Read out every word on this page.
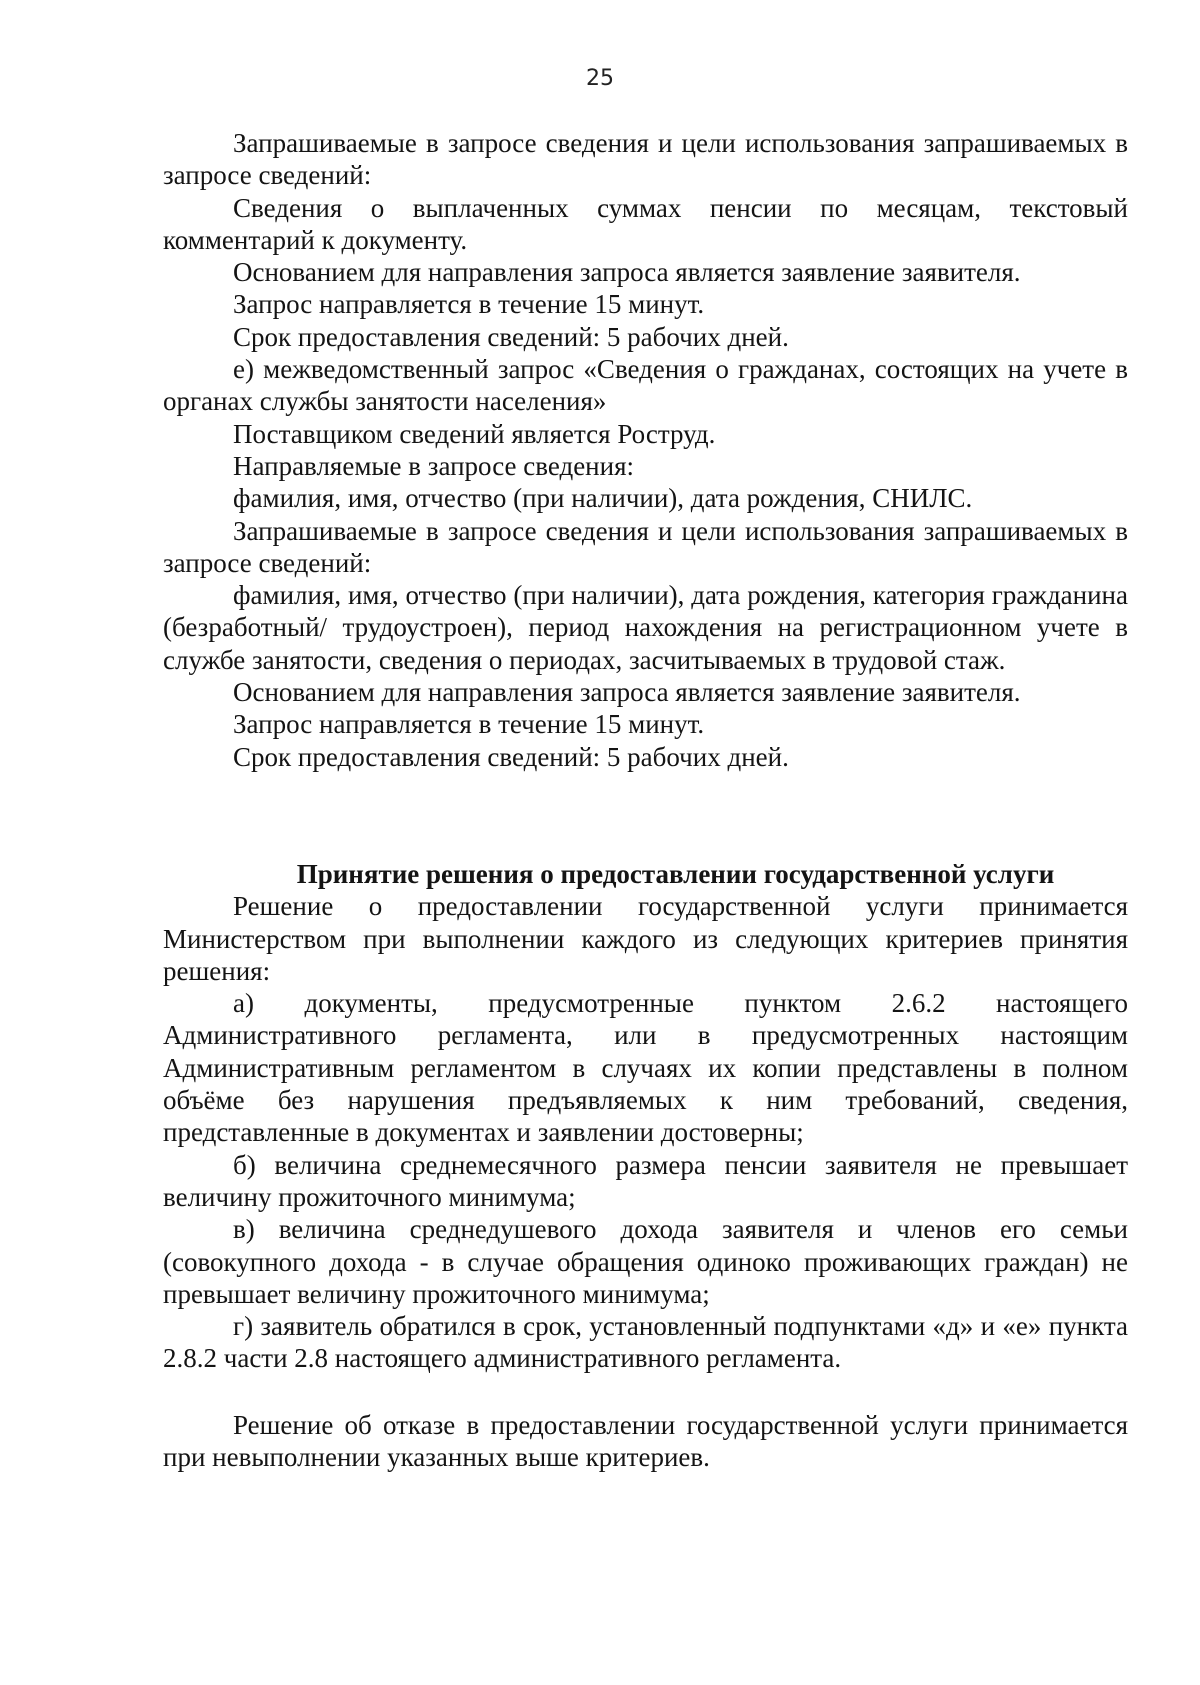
25

Запрашиваемые в запросе сведения и цели использования запрашиваемых в запросе сведений:

Сведения о выплаченных суммах пенсии по месяцам, текстовый комментарий к документу.

Основанием для направления запроса является заявление заявителя.

Запрос направляется в течение 15 минут.

Срок предоставления сведений: 5 рабочих дней.

е) межведомственный запрос «Сведения о гражданах, состоящих на учете в органах службы занятости населения»

Поставщиком сведений является Роструд.

Направляемые в запросе сведения:

фамилия, имя, отчество (при наличии), дата рождения, СНИЛС.

Запрашиваемые в запросе сведения и цели использования запрашиваемых в запросе сведений:

фамилия, имя, отчество (при наличии), дата рождения, категория гражданина (безработный/ трудоустроен), период нахождения на регистрационном учете в службе занятости, сведения о периодах, засчитываемых в трудовой стаж.

Основанием для направления запроса является заявление заявителя.

Запрос направляется в течение 15 минут.

Срок предоставления сведений: 5 рабочих дней.

Принятие решения о предоставлении государственной услуги

Решение о предоставлении государственной услуги принимается Министерством при выполнении каждого из следующих критериев принятия решения:

а) документы, предусмотренные пунктом 2.6.2 настоящего Административного регламента, или в предусмотренных настоящим Административным регламентом в случаях их копии представлены в полном объёме без нарушения предъявляемых к ним требований, сведения, представленные в документах и заявлении достоверны;

б) величина среднемесячного размера пенсии заявителя не превышает величину прожиточного минимума;

в) величина среднедушевого дохода заявителя и членов его семьи (совокупного дохода - в случае обращения одиноко проживающих граждан) не превышает величину прожиточного минимума;

г) заявитель обратился в срок, установленный подпунктами «д» и «е» пункта 2.8.2 части 2.8 настоящего административного регламента.

Решение об отказе в предоставлении государственной услуги принимается при невыполнении указанных выше критериев.
